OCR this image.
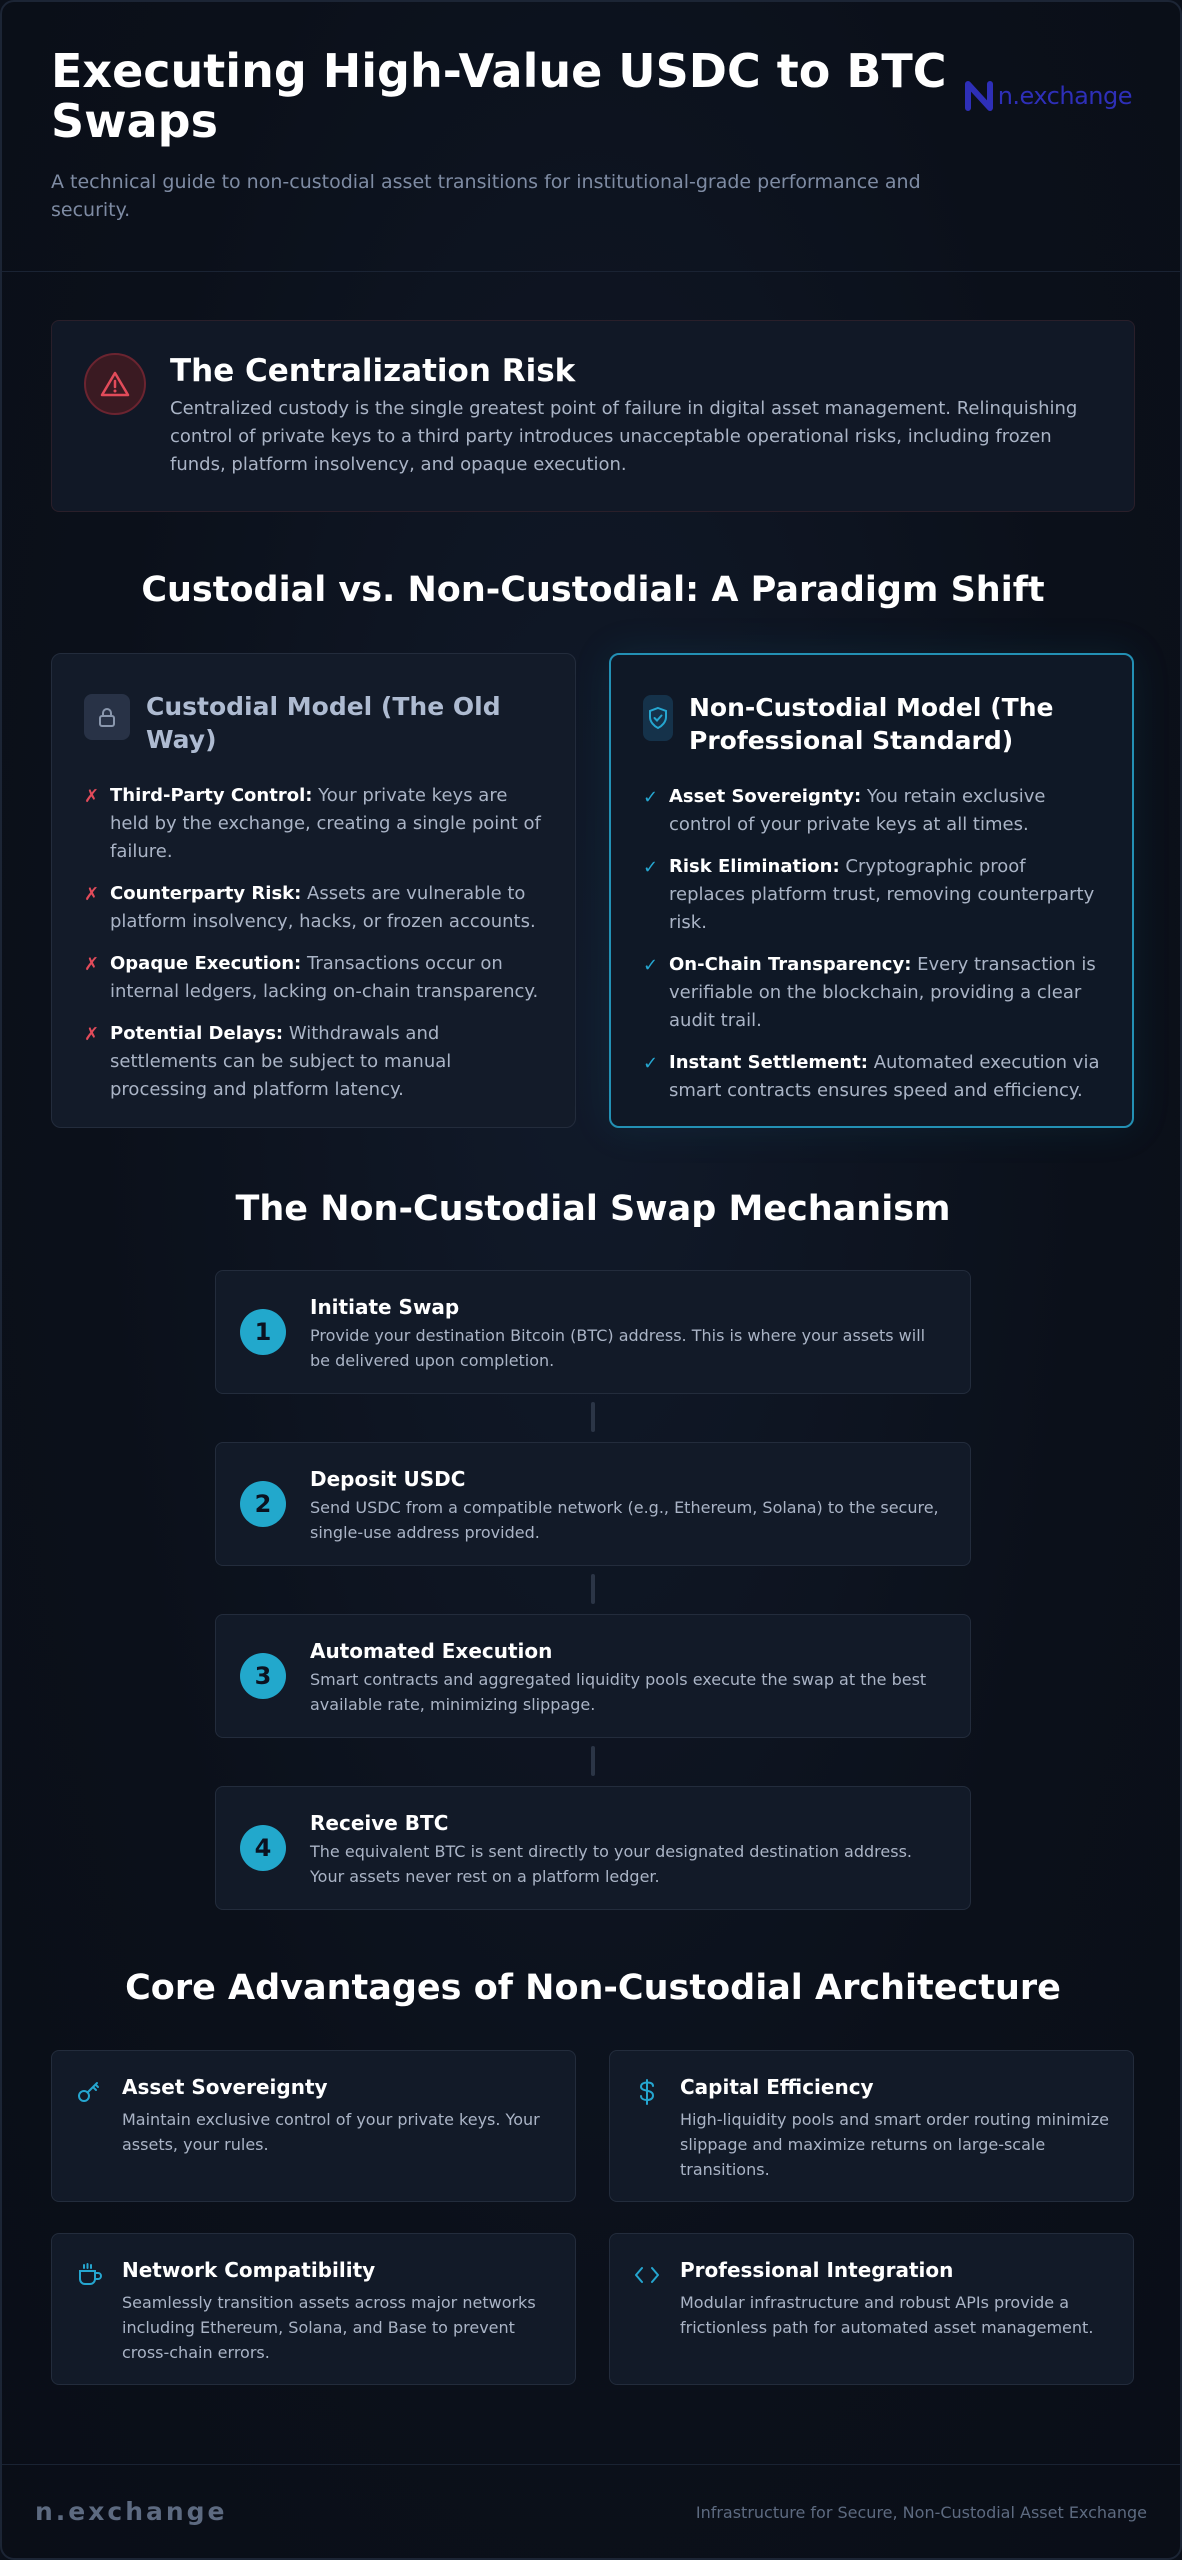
Executing High-Value USDC to BTC Swaps

A technical guide to non-custodial asset transitions for institutional-grade performance and security.

n.exchange
The Centralization Risk

Centralized custody is the single greatest point of failure in digital asset management. Relinquishing control of private keys to a third party introduces unacceptable operational risks, including frozen funds, platform insolvency, and opaque execution.

Custodial vs. Non-Custodial: A Paradigm Shift
Custodial Model (The Old Way)
✗ Third-Party Control: Your private keys are held by the exchange, creating a single point of failure.
✗ Counterparty Risk: Assets are vulnerable to platform insolvency, hacks, or frozen accounts.
✗ Opaque Execution: Transactions occur on internal ledgers, lacking on-chain transparency.
✗ Potential Delays: Withdrawals and settlements can be subject to manual processing and platform latency.
Non-Custodial Model (The Professional Standard)
✓ Asset Sovereignty: You retain exclusive control of your private keys at all times.
✓ Risk Elimination: Cryptographic proof replaces platform trust, removing counterparty risk.
✓ On-Chain Transparency: Every transaction is verifiable on the blockchain, providing a clear audit trail.
✓ Instant Settlement: Automated execution via smart contracts ensures speed and efficiency.
The Non-Custodial Swap Mechanism
1
Initiate Swap
Provide your destination Bitcoin (BTC) address. This is where your assets will be delivered upon completion.
2
Deposit USDC
Send USDC from a compatible network (e.g., Ethereum, Solana) to the secure, single-use address provided.
3
Automated Execution
Smart contracts and aggregated liquidity pools execute the swap at the best available rate, minimizing slippage.
4
Receive BTC
The equivalent BTC is sent directly to your designated destination address. Your assets never rest on a platform ledger.
Core Advantages of Non-Custodial Architecture
Asset Sovereignty
Maintain exclusive control of your private keys. Your assets, your rules.
Capital Efficiency
High-liquidity pools and smart order routing minimize slippage and maximize returns on large-scale transitions.
Network Compatibility
Seamlessly transition assets across major networks including Ethereum, Solana, and Base to prevent cross-chain errors.
Professional Integration
Modular infrastructure and robust APIs provide a frictionless path for automated asset management.
n.exchange	Infrastructure for Secure, Non-Custodial Asset Exchange
